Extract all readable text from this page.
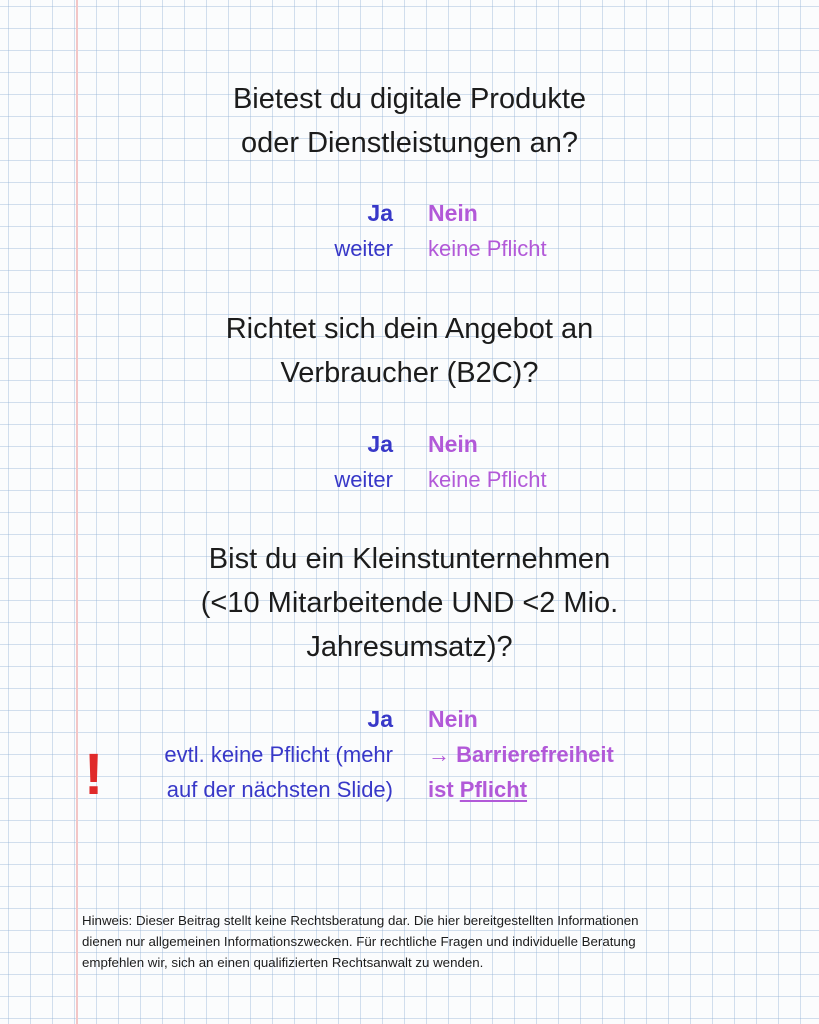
Bietest du digitale Produkte
oder Dienstleistungen an?
Ja
weiter
Nein
keine Pflicht
Richtet sich dein Angebot an
Verbraucher (B2C)?
Ja
weiter
Nein
keine Pflicht
Bist du ein Kleinstunternehmen
(<10 Mitarbeitende UND <2 Mio.
Jahresumsatz)?
Ja
evtl. keine Pflicht (mehr
auf der nächsten Slide)
Nein
→ Barrierefreiheit
ist Pflicht
!
Hinweis: Dieser Beitrag stellt keine Rechtsberatung dar. Die hier bereitgestellten Informationen
dienen nur allgemeinen Informationszwecken. Für rechtliche Fragen und individuelle Beratung
empfehlen wir, sich an einen qualifizierten Rechtsanwalt zu wenden.
